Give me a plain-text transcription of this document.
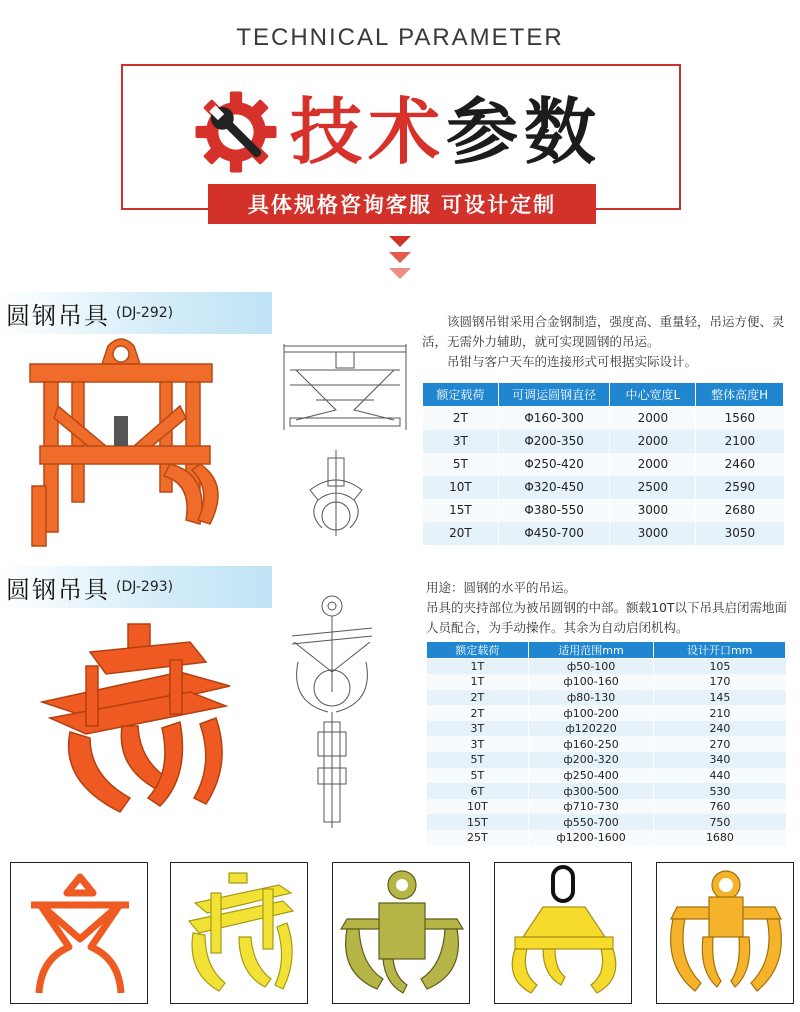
TECHNICAL PARAMETER
技术参数
具体规格咨询客服 可设计定制
圆钢吊具 (DJ-292)

该圆钢吊钳采用合金钢制造，强度高、重量轻，吊运方便、灵活，无需外力辅助，就可实现圆钢的吊运。

吊钳与客户天车的连接形式可根据实际设计。

额定载荷	可调运圆钢直径	中心宽度L	整体高度H
2T	Φ160-300	2000	1560
3T	Φ200-350	2000	2100
5T	Φ250-420	2000	2460
10T	Φ320-450	2500	2590
15T	Φ380-550	3000	2680
20T	Φ450-700	3000	3050
圆钢吊具 (DJ-293)	用途：圆钢的水平的吊运。

吊具的夹持部位为被吊圆钢的中部。额载10T以下吊具启闭需地面人员配合，为手动操作。其余为自动启闭机构。

额定载荷	适用范围mm	设计开口mm
1T	ф50-100	105
1T	ф100-160	170
2T	ф80-130	145
2T	ф100-200	210
3T	ф120220	240
3T	ф160-250	270
5T	ф200-320	340
5T	ф250-400	440
6T	ф300-500	530
10T	ф710-730	760
15T	ф550-700	750
25T	ф1200-1600	1680
